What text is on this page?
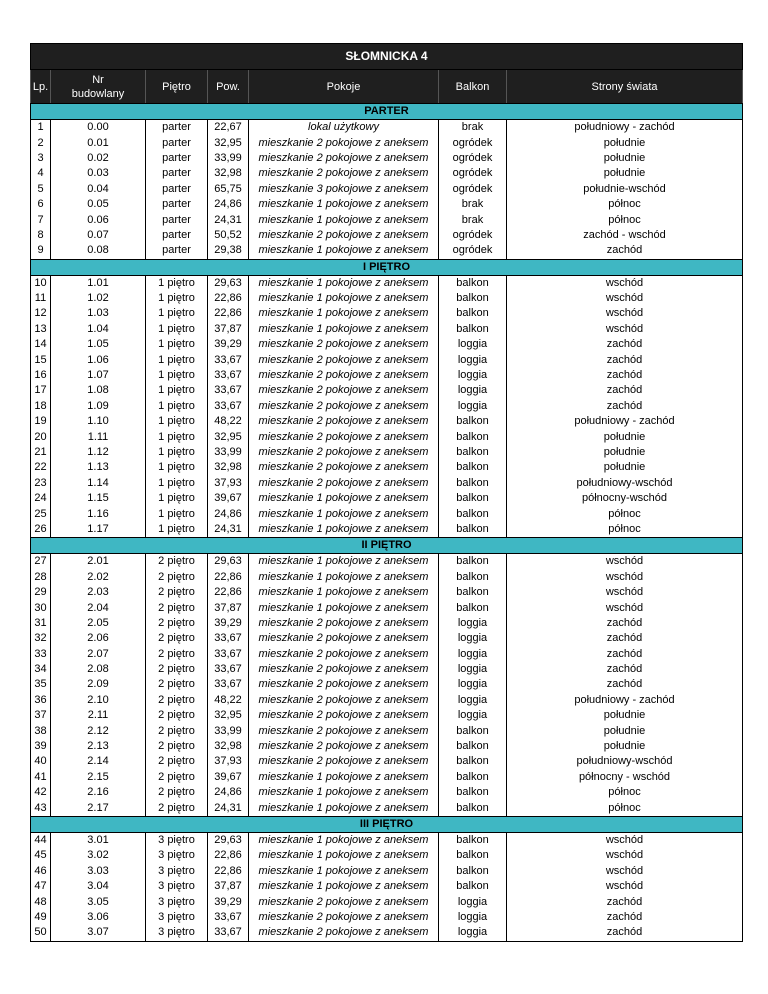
SŁOMNICKA 4						
Lp.	Nr budowlany	Piętro	Pow.	Pokoje	Balkon	Strony świata
PARTER						
1	0.00	parter	22,67	lokal użytkowy	brak	południowy - zachód
2	0.01	parter	32,95	mieszkanie 2 pokojowe z aneksem	ogródek	południe
3	0.02	parter	33,99	mieszkanie 2 pokojowe z aneksem	ogródek	południe
4	0.03	parter	32,98	mieszkanie 2 pokojowe z aneksem	ogródek	południe
5	0.04	parter	65,75	mieszkanie 3 pokojowe z aneksem	ogródek	południe-wschód
6	0.05	parter	24,86	mieszkanie 1 pokojowe z aneksem	brak	północ
7	0.06	parter	24,31	mieszkanie 1 pokojowe z aneksem	brak	północ
8	0.07	parter	50,52	mieszkanie 2 pokojowe z aneksem	ogródek	zachód - wschód
9	0.08	parter	29,38	mieszkanie 1 pokojowe z aneksem	ogródek	zachód
I PIĘTRO						
10	1.01	1 piętro	29,63	mieszkanie 1 pokojowe z aneksem	balkon	wschód
11	1.02	1 piętro	22,86	mieszkanie 1 pokojowe z aneksem	balkon	wschód
12	1.03	1 piętro	22,86	mieszkanie 1 pokojowe z aneksem	balkon	wschód
13	1.04	1 piętro	37,87	mieszkanie 1 pokojowe z aneksem	balkon	wschód
14	1.05	1 piętro	39,29	mieszkanie 2 pokojowe z aneksem	loggia	zachód
15	1.06	1 piętro	33,67	mieszkanie 2 pokojowe z aneksem	loggia	zachód
16	1.07	1 piętro	33,67	mieszkanie 2 pokojowe z aneksem	loggia	zachód
17	1.08	1 piętro	33,67	mieszkanie 2 pokojowe z aneksem	loggia	zachód
18	1.09	1 piętro	33,67	mieszkanie 2 pokojowe z aneksem	loggia	zachód
19	1.10	1 piętro	48,22	mieszkanie 2 pokojowe z aneksem	balkon	południowy - zachód
20	1.11	1 piętro	32,95	mieszkanie 2 pokojowe z aneksem	balkon	południe
21	1.12	1 piętro	33,99	mieszkanie 2 pokojowe z aneksem	balkon	południe
22	1.13	1 piętro	32,98	mieszkanie 2 pokojowe z aneksem	balkon	południe
23	1.14	1 piętro	37,93	mieszkanie 2 pokojowe z aneksem	balkon	południowy-wschód
24	1.15	1 piętro	39,67	mieszkanie 1 pokojowe z aneksem	balkon	północny-wschód
25	1.16	1 piętro	24,86	mieszkanie 1 pokojowe z aneksem	balkon	północ
26	1.17	1 piętro	24,31	mieszkanie 1 pokojowe z aneksem	balkon	północ
II PIĘTRO						
27	2.01	2 piętro	29,63	mieszkanie 1 pokojowe z aneksem	balkon	wschód
28	2.02	2 piętro	22,86	mieszkanie 1 pokojowe z aneksem	balkon	wschód
29	2.03	2 piętro	22,86	mieszkanie 1 pokojowe z aneksem	balkon	wschód
30	2.04	2 piętro	37,87	mieszkanie 1 pokojowe z aneksem	balkon	wschód
31	2.05	2 piętro	39,29	mieszkanie 2 pokojowe z aneksem	loggia	zachód
32	2.06	2 piętro	33,67	mieszkanie 2 pokojowe z aneksem	loggia	zachód
33	2.07	2 piętro	33,67	mieszkanie 2 pokojowe z aneksem	loggia	zachód
34	2.08	2 piętro	33,67	mieszkanie 2 pokojowe z aneksem	loggia	zachód
35	2.09	2 piętro	33,67	mieszkanie 2 pokojowe z aneksem	loggia	zachód
36	2.10	2 piętro	48,22	mieszkanie 2 pokojowe z aneksem	loggia	południowy - zachód
37	2.11	2 piętro	32,95	mieszkanie 2 pokojowe z aneksem	loggia	południe
38	2.12	2 piętro	33,99	mieszkanie 2 pokojowe z aneksem	balkon	południe
39	2.13	2 piętro	32,98	mieszkanie 2 pokojowe z aneksem	balkon	południe
40	2.14	2 piętro	37,93	mieszkanie 2 pokojowe z aneksem	balkon	południowy-wschód
41	2.15	2 piętro	39,67	mieszkanie 1 pokojowe z aneksem	balkon	północny - wschód
42	2.16	2 piętro	24,86	mieszkanie 1 pokojowe z aneksem	balkon	północ
43	2.17	2 piętro	24,31	mieszkanie 1 pokojowe z aneksem	balkon	północ
III PIĘTRO						
44	3.01	3 piętro	29,63	mieszkanie 1 pokojowe z aneksem	balkon	wschód
45	3.02	3 piętro	22,86	mieszkanie 1 pokojowe z aneksem	balkon	wschód
46	3.03	3 piętro	22,86	mieszkanie 1 pokojowe z aneksem	balkon	wschód
47	3.04	3 piętro	37,87	mieszkanie 1 pokojowe z aneksem	balkon	wschód
48	3.05	3 piętro	39,29	mieszkanie 2 pokojowe z aneksem	loggia	zachód
49	3.06	3 piętro	33,67	mieszkanie 2 pokojowe z aneksem	loggia	zachód
50	3.07	3 piętro	33,67	mieszkanie 2 pokojowe z aneksem	loggia	zachód
